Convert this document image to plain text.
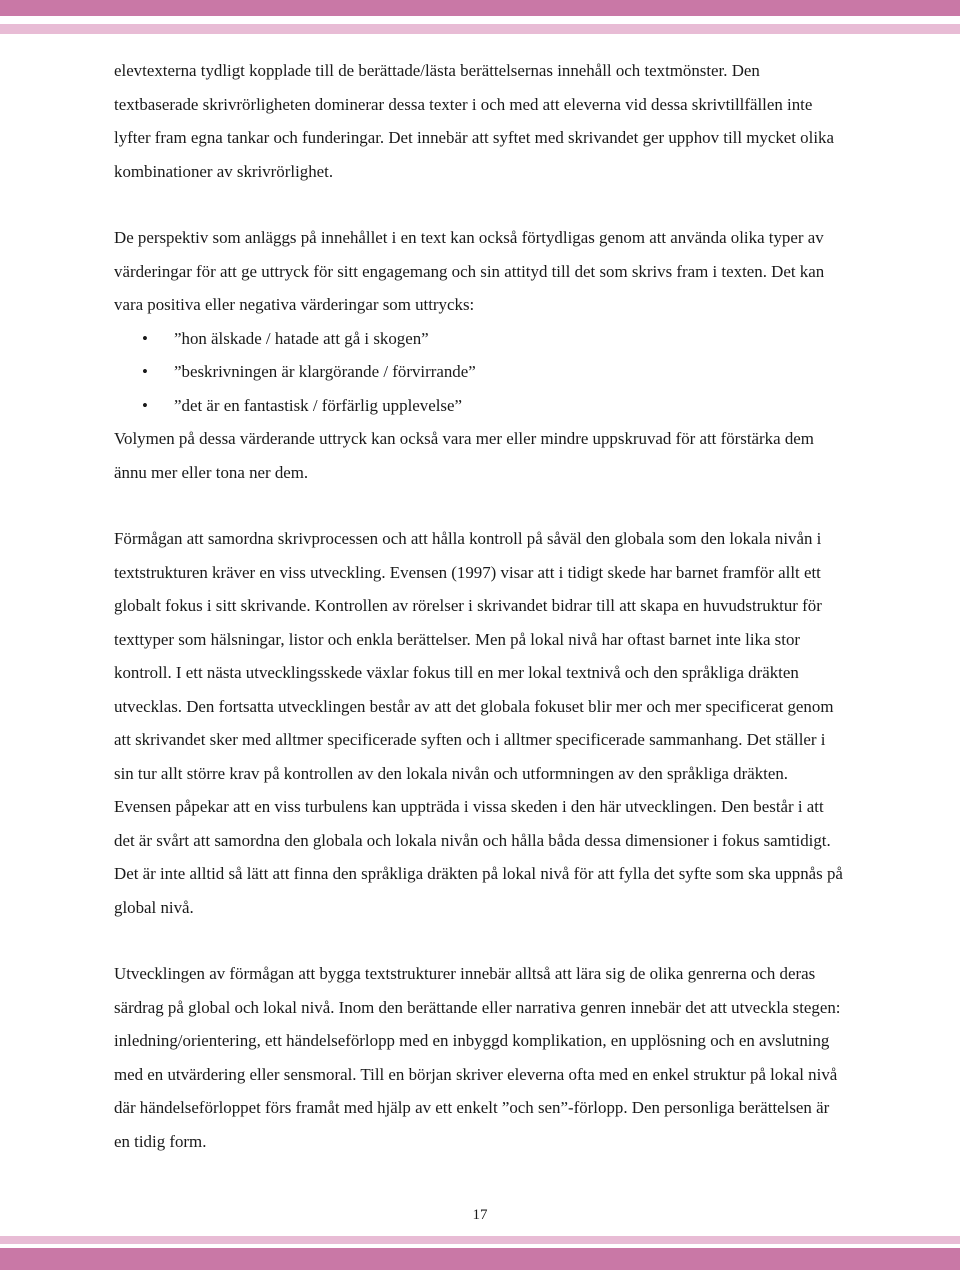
elevtexterna tydligt kopplade till de berättade/lästa berättelsernas innehåll och textmönster. Den textbaserade skrivrörligheten dominerar dessa texter i och med att eleverna vid dessa skrivtillfällen inte lyfter fram egna tankar och funderingar. Det innebär att syftet med skrivandet ger upphov till mycket olika kombinationer av skrivrörlighet.

De perspektiv som anläggs på innehållet i en text kan också förtydligas genom att använda olika typer av värderingar för att ge uttryck för sitt engagemang och sin attityd till det som skrivs fram i texten. Det kan vara positiva eller negativa värderingar som uttrycks:

• ”hon älskade / hatade att gå i skogen”
• ”beskrivningen är klargörande / förvirrande”
• ”det är en fantastisk / förfärlig upplevelse”

Volymen på dessa värderande uttryck kan också vara mer eller mindre uppskruvad för att förstärka dem ännu mer eller tona ner dem.

Förmågan att samordna skrivprocessen och att hålla kontroll på såväl den globala som den lokala nivån i textstrukturen kräver en viss utveckling. Evensen (1997) visar att i tidigt skede har barnet framför allt ett globalt fokus i sitt skrivande. Kontrollen av rörelser i skrivandet bidrar till att skapa en huvudstruktur för texttyper som hälsningar, listor och enkla berättelser. Men på lokal nivå har oftast barnet inte lika stor kontroll. I ett nästa utvecklingsskede växlar fokus till en mer lokal textnivå och den språkliga dräkten utvecklas. Den fortsatta utvecklingen består av att det globala fokuset blir mer och mer specificerat genom att skrivandet sker med alltmer specificerade syften och i alltmer specificerade sammanhang. Det ställer i sin tur allt större krav på kontrollen av den lokala nivån och utformningen av den språkliga dräkten. Evensen påpekar att en viss turbulens kan uppträda i vissa skeden i den här utvecklingen. Den består i att det är svårt att samordna den globala och lokala nivån och hålla båda dessa dimensioner i fokus samtidigt. Det är inte alltid så lätt att finna den språkliga dräkten på lokal nivå för att fylla det syfte som ska uppnås på global nivå.

Utvecklingen av förmågan att bygga textstrukturer innebär alltså att lära sig de olika genrerna och deras särdrag på global och lokal nivå. Inom den berättande eller narrativa genren innebär det att utveckla stegen: inledning/orientering, ett händelseförlopp med en inbyggd komplikation, en upplösning och en avslutning med en utvärdering eller sensmoral. Till en början skriver eleverna ofta med en enkel struktur på lokal nivå där händelseförloppet förs framåt med hjälp av ett enkelt ”och sen”-förlopp. Den personliga berättelsen är en tidig form.

17
